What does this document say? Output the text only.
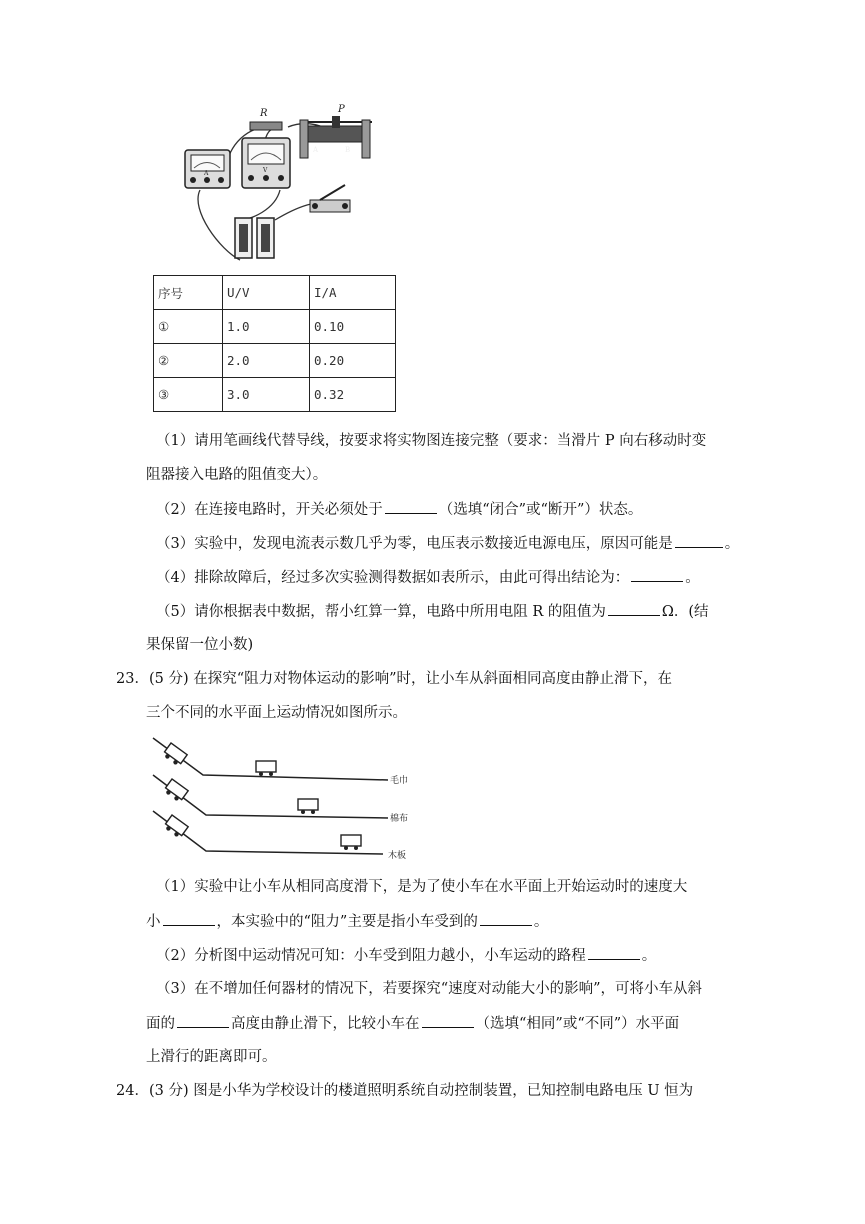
R	P
A	B
A	V
序号	U/V	I/A
①	1.0	0.10
②	2.0	0.20
③	3.0	0.32
（1）请用笔画线代替导线，按要求将实物图连接完整（要求：当滑片 P 向右移动时变
阻器接入电路的阻值变大）。
（2）在连接电路时，开关必须处于	（选填“闭合”或“断开”）状态。
（3）实验中，发现电流表示数几乎为零，电压表示数接近电源电压，原因可能是	。
（4）排除故障后，经过多次实验测得数据如表所示，由此可得出结论为：	。
（5）请你根据表中数据，帮小红算一算，电路中所用电阻 R 的阻值为	Ω．(结
果保留一位小数)
23．(5 分) 在探究“阻力对物体运动的影响”时，让小车从斜面相同高度由静止滑下，在
三个不同的水平面上运动情况如图所示。
毛巾
棉布
木板
（1）实验中让小车从相同高度滑下，是为了使小车在水平面上开始运动时的速度大
小	，本实验中的“阻力”主要是指小车受到的	。
（2）分析图中运动情况可知：小车受到阻力越小，小车运动的路程	。
（3）在不增加任何器材的情况下，若要探究“速度对动能大小的影响”，可将小车从斜
面的	高度由静止滑下，比较小车在	（选填“相同”或“不同”）水平面
上滑行的距离即可。
24．(3 分) 图是小华为学校设计的楼道照明系统自动控制装置，已知控制电路电压 U 恒为
